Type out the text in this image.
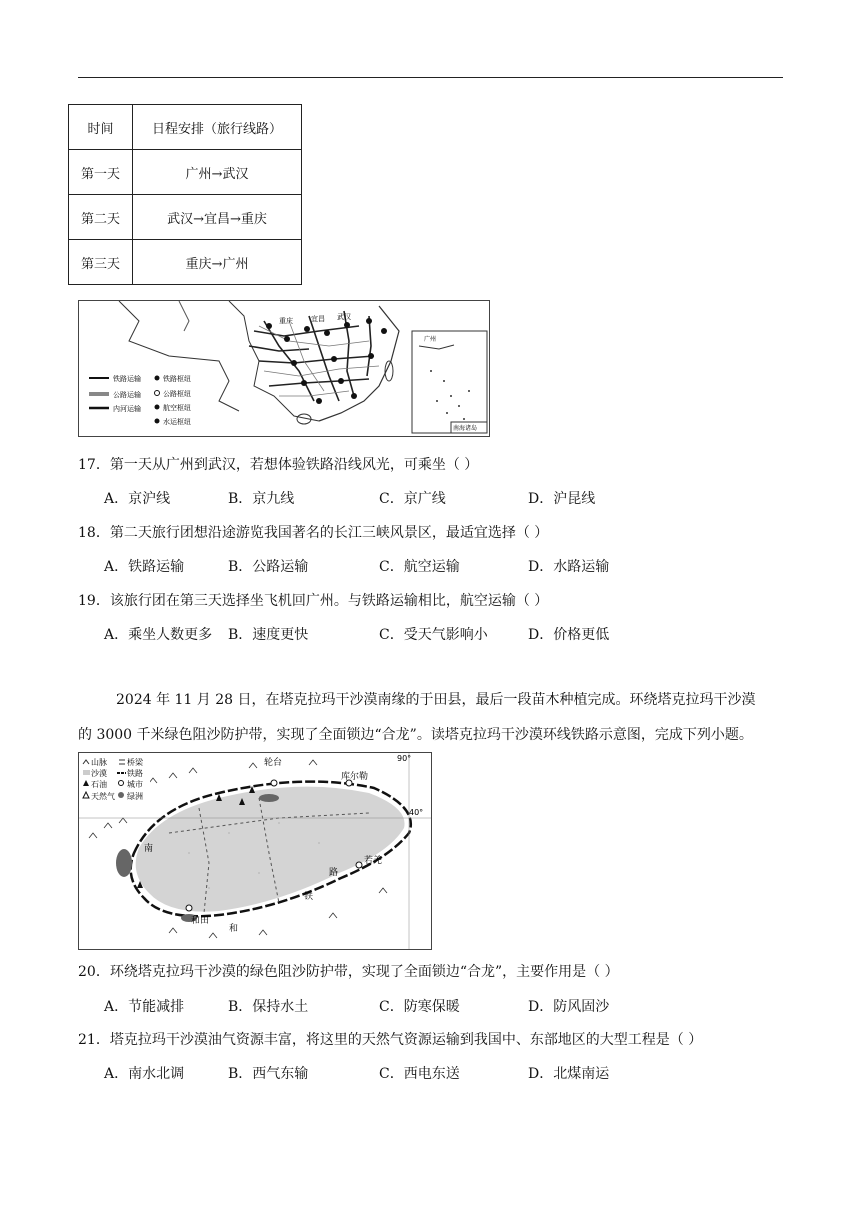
时间	日程安排（旅行线路）
第一天	广州→武汉
第二天	武汉→宜昌→重庆
第三天	重庆→广州
重庆	宜昌 武汉
广州
南海诸岛
铁路运输
公路运输
内河运输
铁路枢纽
公路枢纽
航空枢纽
水运枢纽
17．第一天从广州到武汉，若想体验铁路沿线风光，可乘坐（ ）
A．京沪线	B．京九线	C．京广线	D．沪昆线
18．第二天旅行团想沿途游览我国著名的长江三峡风景区，最适宜选择（ ）
A．铁路运输	B．公路运输	C．航空运输	D．水路运输
19．该旅行团在第三天选择坐飞机回广州。与铁路运输相比，航空运输（ ）
A．乘坐人数更多 B．速度更快	C．受天气影响小	D．价格更低
2024 年 11 月 28 日，在塔克拉玛干沙漠南缘的于田县，最后一段苗木种植完成。环绕塔克拉玛干沙漠
的 3000 千米绿色阻沙防护带，实现了全面锁边“合龙”。读塔克拉玛干沙漠环线铁路示意图，完成下列小题。
轮台
库尔勒
若羌
和田
南
路
铁
和
40°
90°
山脉	桥梁
沙漠	铁路
石油	城市
天然气 绿洲
20．环绕塔克拉玛干沙漠的绿色阻沙防护带，实现了全面锁边“合龙”，主要作用是（ ）
A．节能减排	B．保持水土	C．防寒保暖	D．防风固沙
21．塔克拉玛干沙漠油气资源丰富，将这里的天然气资源运输到我国中、东部地区的大型工程是（ ）
A．南水北调	B．西气东输	C．西电东送	D．北煤南运
